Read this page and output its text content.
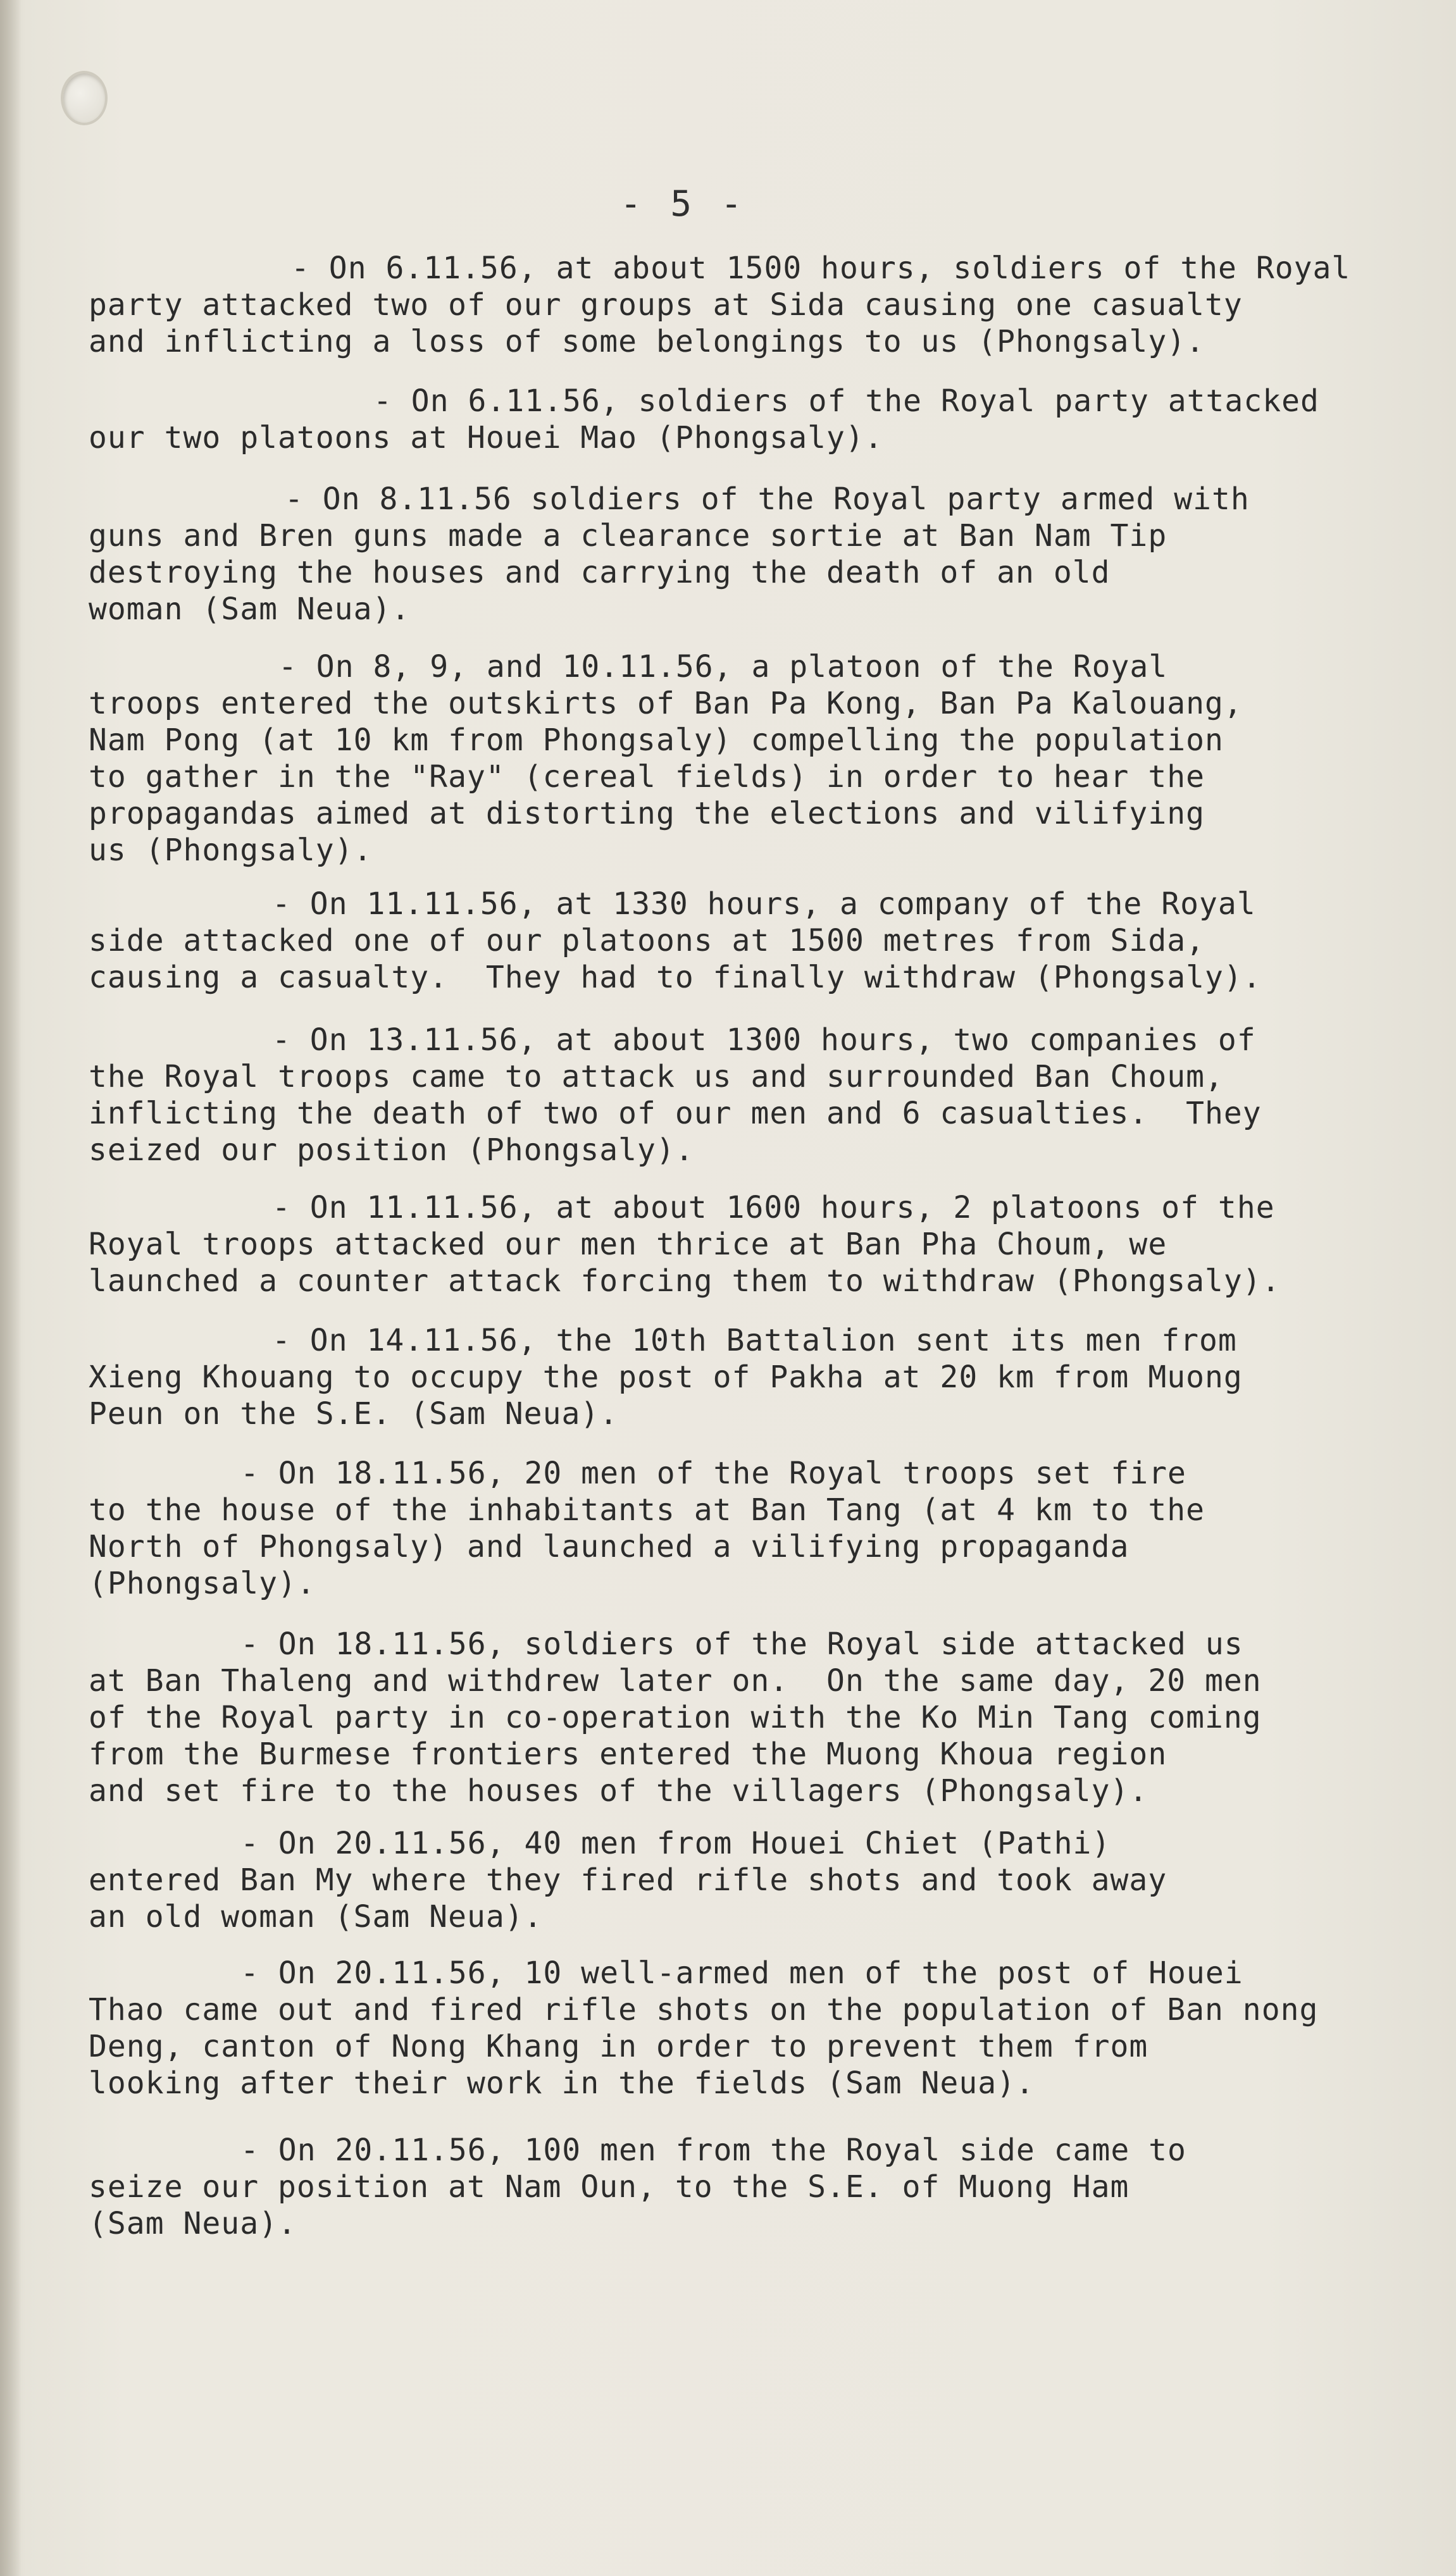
- 5 -
- On 6.11.56, at about 1500 hours, soldiers of the Royal
party attacked two of our groups at Sida causing one casualty
and inflicting a loss of some belongings to us (Phongsaly).
- On 6.11.56, soldiers of the Royal party attacked
our two platoons at Houei Mao (Phongsaly).
- On 8.11.56 soldiers of the Royal party armed with
guns and Bren guns made a clearance sortie at Ban Nam Tip
destroying the houses and carrying the death of an old
woman (Sam Neua).
- On 8, 9, and 10.11.56, a platoon of the Royal
troops entered the outskirts of Ban Pa Kong, Ban Pa Kalouang,
Nam Pong (at 10 km from Phongsaly) compelling the population
to gather in the "Ray" (cereal fields) in order to hear the
propagandas aimed at distorting the elections and vilifying
us (Phongsaly).
- On 11.11.56, at 1330 hours, a company of the Royal
side attacked one of our platoons at 1500 metres from Sida,
causing a casualty.  They had to finally withdraw (Phongsaly).
- On 13.11.56, at about 1300 hours, two companies of
the Royal troops came to attack us and surrounded Ban Choum,
inflicting the death of two of our men and 6 casualties.  They
seized our position (Phongsaly).
- On 11.11.56, at about 1600 hours, 2 platoons of the
Royal troops attacked our men thrice at Ban Pha Choum, we
launched a counter attack forcing them to withdraw (Phongsaly).
- On 14.11.56, the 10th Battalion sent its men from
Xieng Khouang to occupy the post of Pakha at 20 km from Muong
Peun on the S.E. (Sam Neua).
- On 18.11.56, 20 men of the Royal troops set fire
to the house of the inhabitants at Ban Tang (at 4 km to the
North of Phongsaly) and launched a vilifying propaganda
(Phongsaly).
- On 18.11.56, soldiers of the Royal side attacked us
at Ban Thaleng and withdrew later on.  On the same day, 20 men
of the Royal party in co-operation with the Ko Min Tang coming
from the Burmese frontiers entered the Muong Khoua region
and set fire to the houses of the villagers (Phongsaly).
- On 20.11.56, 40 men from Houei Chiet (Pathi)
entered Ban My where they fired rifle shots and took away
an old woman (Sam Neua).
- On 20.11.56, 10 well-armed men of the post of Houei
Thao came out and fired rifle shots on the population of Ban nong
Deng, canton of Nong Khang in order to prevent them from
looking after their work in the fields (Sam Neua).
- On 20.11.56, 100 men from the Royal side came to
seize our position at Nam Oun, to the S.E. of Muong Ham
(Sam Neua).
